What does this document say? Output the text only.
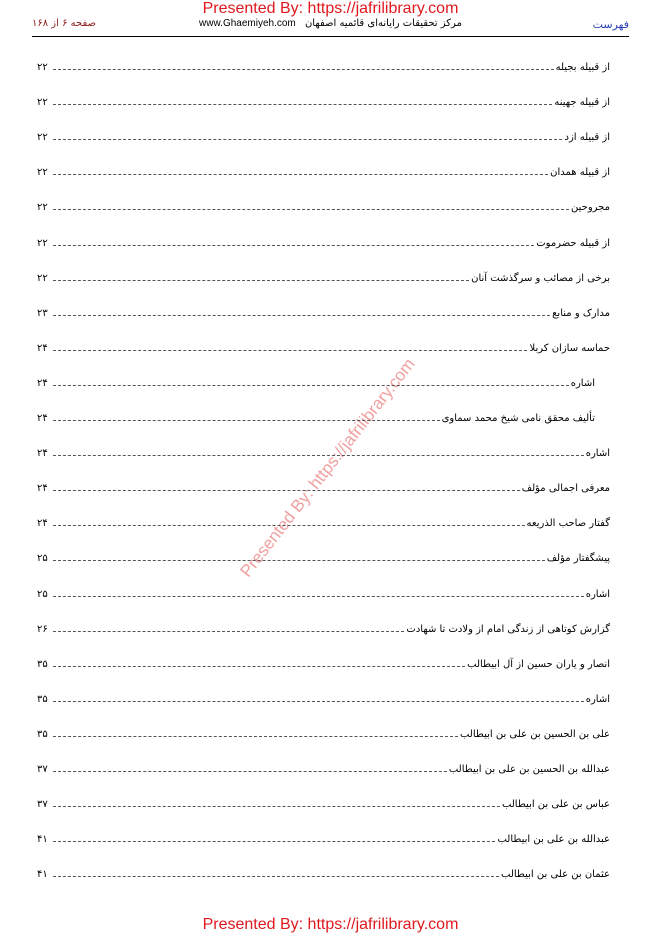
Presented By: https://jafrilibrary.com
فهرست
www.Ghaemiyeh.com مرکز تحقیقات رایانه‌ای قائمیه اصفهان
صفحه ۶ از ۱۶۸
Presented By: https://jafrilibrary.com
از قبیله بجیله
۲۲
از قبیله جهینه
۲۲
از قبیله ازد
۲۲
از قبیله همدان
۲۲
مجروحین
۲۲
از قبیله حضرموت
۲۲
برخی از مصائب و سرگذشت آنان
۲۲
مدارک و منابع
۲۳
حماسه سازان کربلا
۲۴
اشاره
۲۴
تألیف محقق نامی شیخ محمد سماوی
۲۴
اشاره
۲۴
معرفی اجمالی مؤلف
۲۴
گفتار صاحب الذریعه
۲۴
پیشگفتار مؤلف
۲۵
اشاره
۲۵
گزارش کوتاهی از زندگی امام از ولادت تا شهادت
۲۶
انصار و یاران حسین از آل ابیطالب
۳۵
اشاره
۳۵
علی بن الحسین بن علی بن ابیطالب
۳۵
عبدالله بن الحسین بن علی بن ابیطالب
۳۷
عباس بن علی بن ابیطالب
۳۷
عبدالله بن علی بن ابیطالب
۴۱
عثمان بن علی بن ابیطالب
۴۱
Presented By: https://jafrilibrary.com
